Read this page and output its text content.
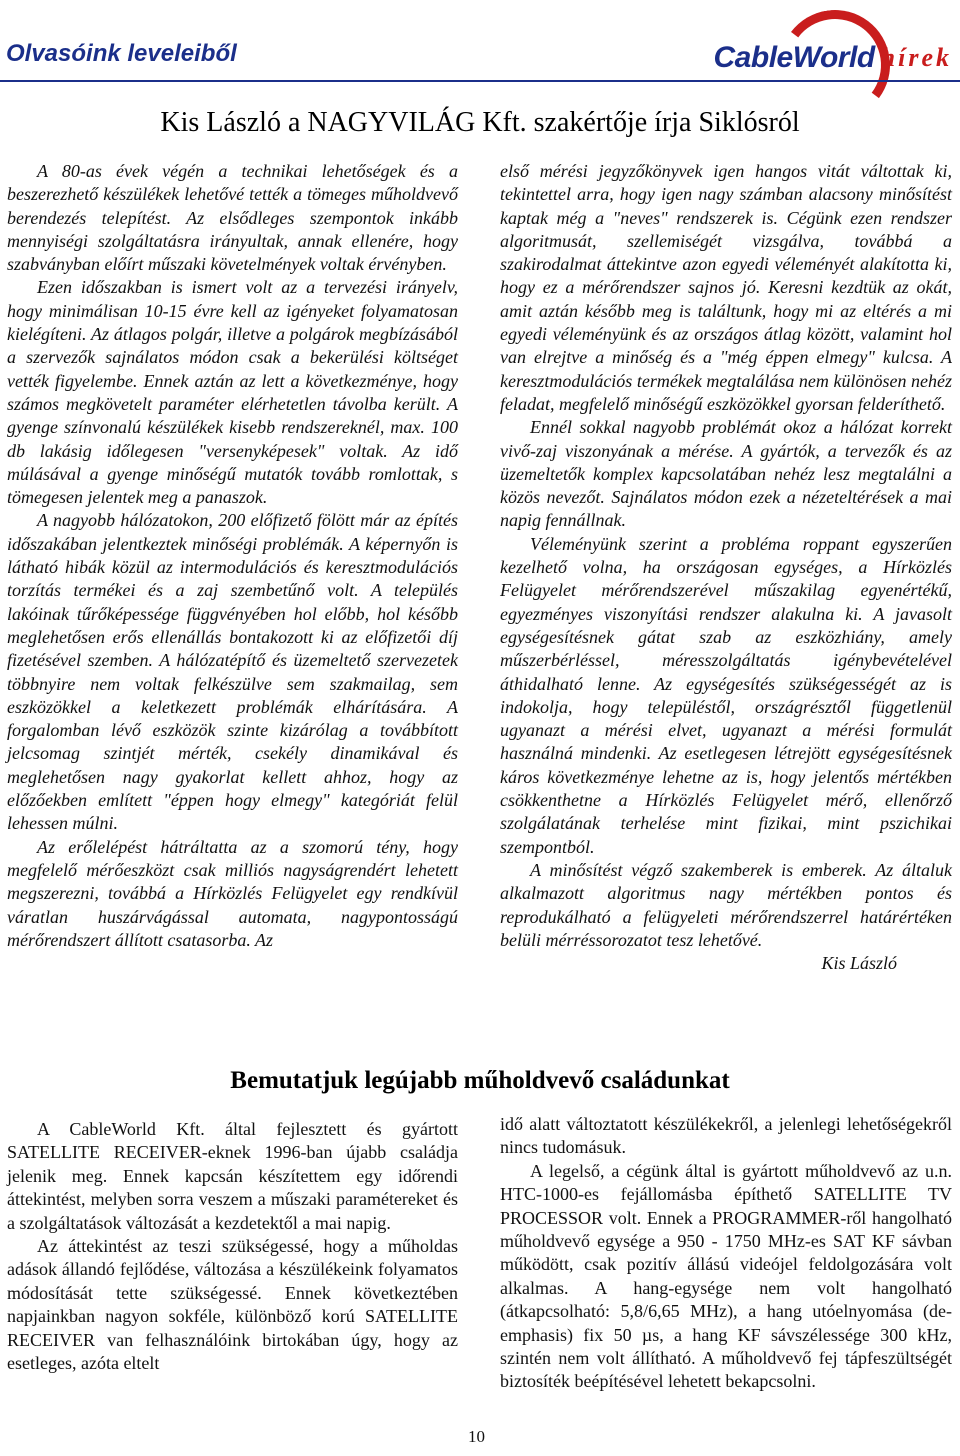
Olvasóink leveleiből	CableWorld hírek
Kis László a NAGYVILÁG Kft. szakértője írja Siklósról

A 80-as évek végén a technikai lehetőségek és a beszerezhető készülékek lehetővé tették a tömeges műholdvevő berendezés telepítést. Az elsődleges szempontok inkább mennyiségi szolgáltatásra irányultak, annak ellenére, hogy szabványban előírt műszaki követelmények voltak érvényben.

Ezen időszakban is ismert volt az a tervezési irányelv, hogy minimálisan 10-15 évre kell az igényeket folyamatosan kielégíteni. Az átlagos polgár, illetve a polgárok megbízásából a szervezők sajnálatos módon csak a bekerülési költséget vették figyelembe. Ennek aztán az lett a következménye, hogy számos megkövetelt paraméter elérhetetlen távolba került. A gyenge színvonalú készülékek kisebb rendszereknél, max. 100 db lakásig időlegesen "versenyképesek" voltak. Az idő múlásával a gyenge minőségű mutatók tovább romlottak, s tömegesen jelentek meg a panaszok.

A nagyobb hálózatokon, 200 előfizető fölött már az építés időszakában jelentkeztek minőségi problémák. A képernyőn is látható hibák közül az intermodulációs és keresztmodulációs torzítás termékei és a zaj szembetűnő volt. A település lakóinak tűrőképessége függvényében hol előbb, hol később meglehetősen erős ellenállás bontakozott ki az előfizetői díj fizetésével szemben. A hálózatépítő és üzemeltető szervezetek többnyire nem voltak felkészülve sem szakmailag, sem eszközökkel a keletkezett problémák elhárítására. A forgalomban lévő eszközök szinte kizárólag a továbbított jelcsomag szintjét mérték, csekély dinamikával és meglehetősen nagy gyakorlat kellett ahhoz, hogy az előzőekben említett "éppen hogy elmegy" kategóriát felül lehessen múlni.

Az erőlelépést hátráltatta az a szomorú tény, hogy megfelelő mérőeszközt csak milliós nagyságrendért lehetett megszerezni, továbbá a Hírközlés Felügyelet egy rendkívül váratlan huszárvágással automata, nagypontosságú mérőrendszert állított csatasorba. Az

első mérési jegyzőkönyvek igen hangos vitát váltottak ki, tekintettel arra, hogy igen nagy számban alacsony minősítést kaptak még a "neves" rendszerek is. Cégünk ezen rendszer algoritmusát, szellemiségét vizsgálva, továbbá a szakirodalmat áttekintve azon egyedi véleményét alakította ki, hogy ez a mérőrendszer sajnos jó. Keresni kezdtük az okát, amit aztán később meg is találtunk, hogy mi az eltérés a mi egyedi véleményünk és az országos átlag között, valamint hol van elrejtve a minőség és a "még éppen elmegy" kulcsa. A keresztmodulációs termékek megtalálása nem különösen nehéz feladat, megfelelő minőségű eszközökkel gyorsan felderíthető.

Ennél sokkal nagyobb problémát okoz a hálózat korrekt vivő-zaj viszonyának a mérése. A gyártók, a tervezők és az üzemeltetők komplex kapcsolatában nehéz lesz megtalálni a közös nevezőt. Sajnálatos módon ezek a nézeteltérések a mai napig fennállnak.

Véleményünk szerint a probléma roppant egyszerűen kezelhető volna, ha országosan egységes, a Hírközlés Felügyelet mérőrendszerével műszakilag egyenértékű, egyezményes viszonyítási rendszer alakulna ki. A javasolt egységesítésnek gátat szab az eszközhiány, amely műszerbérléssel, méresszolgáltatás igénybevételével áthidalható lenne. Az egységesítés szükségességét az is indokolja, hogy településtől, országrésztől függetlenül ugyanazt a mérési elvet, ugyanazt a mérési formulát használná mindenki. Az esetlegesen létrejött egységesítésnek káros következménye lehetne az is, hogy jelentős mértékben csökkenthetne a Hírközlés Felügyelet mérő, ellenőrző szolgálatának terhelése mint fizikai, mint pszichikai szempontból.

A minősítést végző szakemberek is emberek. Az általuk alkalmazott algoritmus nagy mértékben pontos és reprodukálható a felügyeleti mérőrendszerrel határértéken belüli mérréssorozatot tesz lehetővé.

Kis László

Bemutatjuk legújabb műholdvevő családunkat

A CableWorld Kft. által fejlesztett és gyártott SATELLITE RECEIVER-eknek 1996-ban újabb családja jelenik meg. Ennek kapcsán készítettem egy időrendi áttekintést, melyben sorra veszem a műszaki paramétereket és a szolgáltatások változását a kezdetektől a mai napig.

Az áttekintést az teszi szükségessé, hogy a műholdas adások állandó fejlődése, változása a készülékeink folyamatos módosítását tette szükségessé. Ennek következtében napjainkban nagyon sokféle, különböző korú SATELLITE RECEIVER van felhasználóink birtokában úgy, hogy az esetleges, azóta eltelt

idő alatt változtatott készülékekről, a jelenlegi lehetőségekről nincs tudomásuk.

A legelső, a cégünk által is gyártott műholdvevő az u.n. HTC-1000-es fejállomásba építhető SATELLITE TV PROCESSOR volt. Ennek a PROGRAMMER-ről hangolható műholdvevő egysége a 950 - 1750 MHz-es SAT KF sávban működött, csak pozitív állású videójel feldolgozására volt alkalmas. A hang-egysége nem volt hangolható (átkapcsolható: 5,8/6,65 MHz), a hang utóelnyomása (de-emphasis) fix 50 µs, a hang KF sávszélessége 300 kHz, szintén nem volt állítható. A műholdvevő fej tápfeszültségét biztosíték beépítésével lehetett bekapcsolni.

10
